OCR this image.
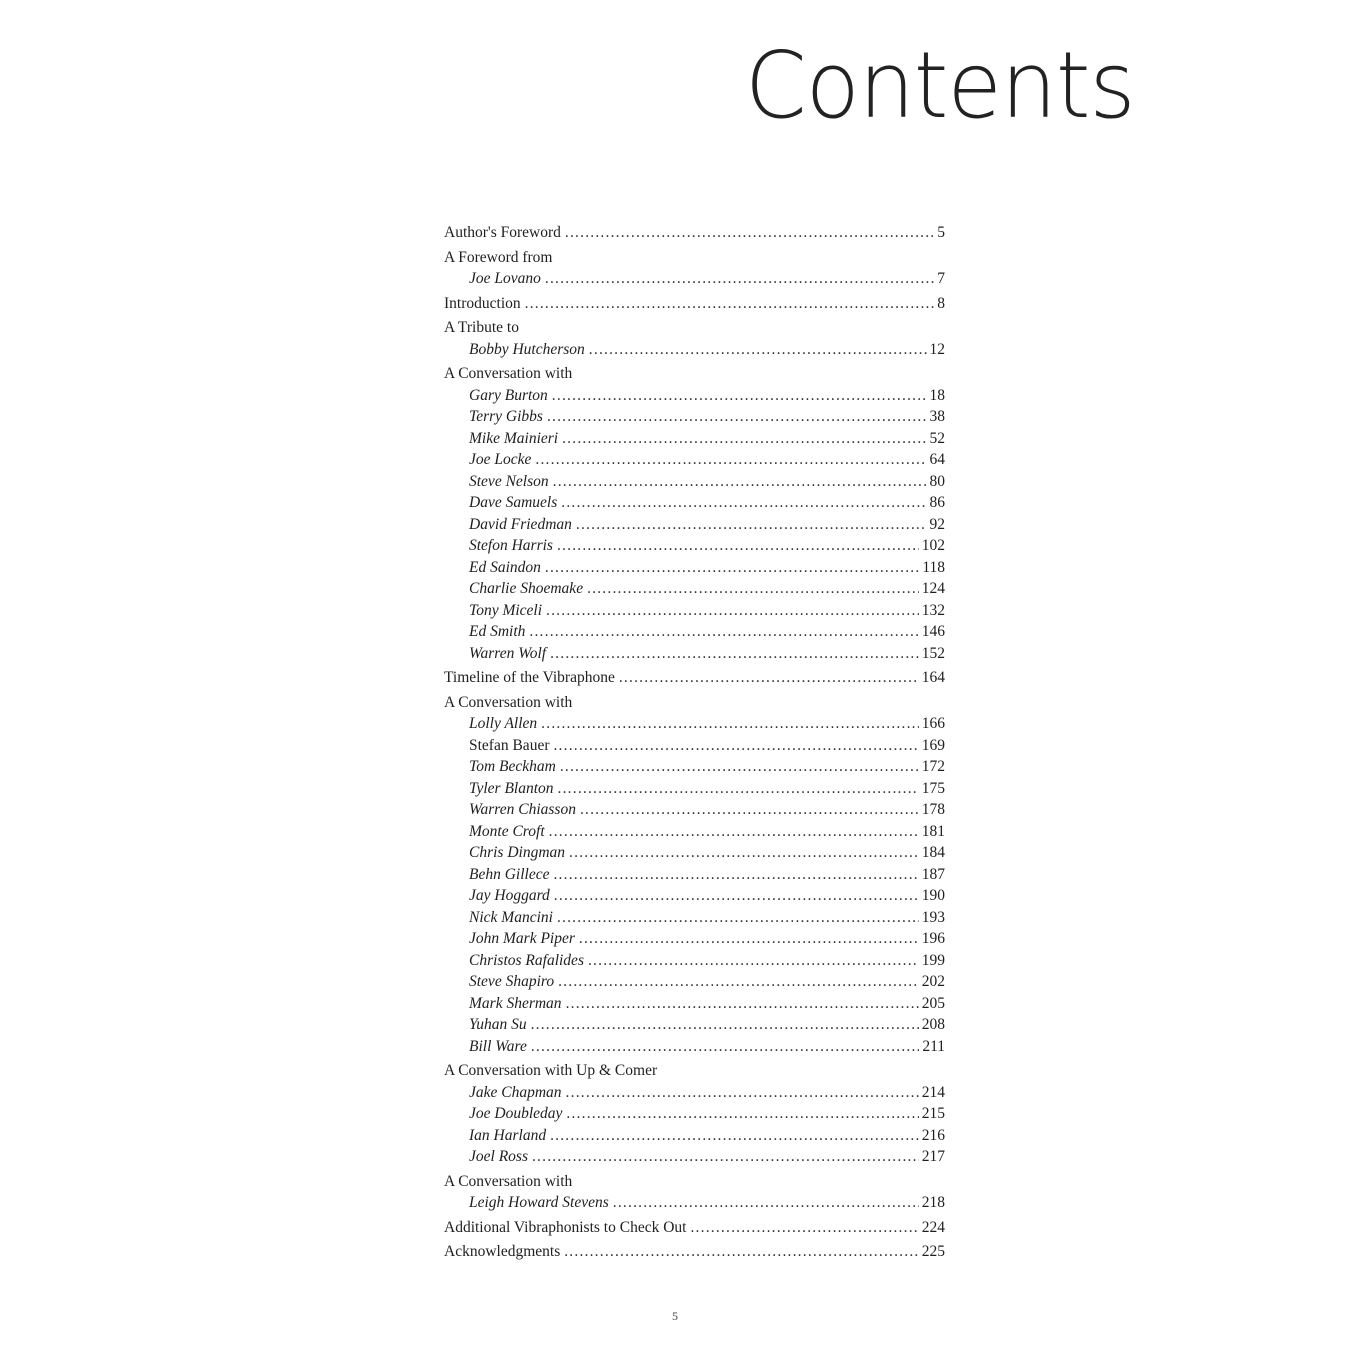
Contents
Author's Foreword .....	5
A Foreword from
Joe Lovano .....	7
Introduction .....	8
A Tribute to
Bobby Hutcherson .....	12
A Conversation with
Gary Burton .....	18
Terry Gibbs .....	38
Mike Mainieri .....	52
Joe Locke .....	64
Steve Nelson .....	80
Dave Samuels .....	86
David Friedman .....	92
Stefon Harris .....	102
Ed Saindon .....	118
Charlie Shoemake .....	124
Tony Miceli .....	132
Ed Smith .....	146
Warren Wolf .....	152
Timeline of the Vibraphone .....	164
A Conversation with
Lolly Allen .....	166
Stefan Bauer .....	169
Tom Beckham .....	172
Tyler Blanton .....	175
Warren Chiasson .....	178
Monte Croft .....	181
Chris Dingman .....	184
Behn Gillece .....	187
Jay Hoggard .....	190
Nick Mancini .....	193
John Mark Piper .....	196
Christos Rafalides .....	199
Steve Shapiro .....	202
Mark Sherman .....	205
Yuhan Su .....	208
Bill Ware .....	211
A Conversation with Up & Comer
Jake Chapman .....	214
Joe Doubleday .....	215
Ian Harland .....	216
Joel Ross .....	217
A Conversation with
Leigh Howard Stevens .....	218
Additional Vibraphonists to Check Out .....	224
Acknowledgments .....	225
5
